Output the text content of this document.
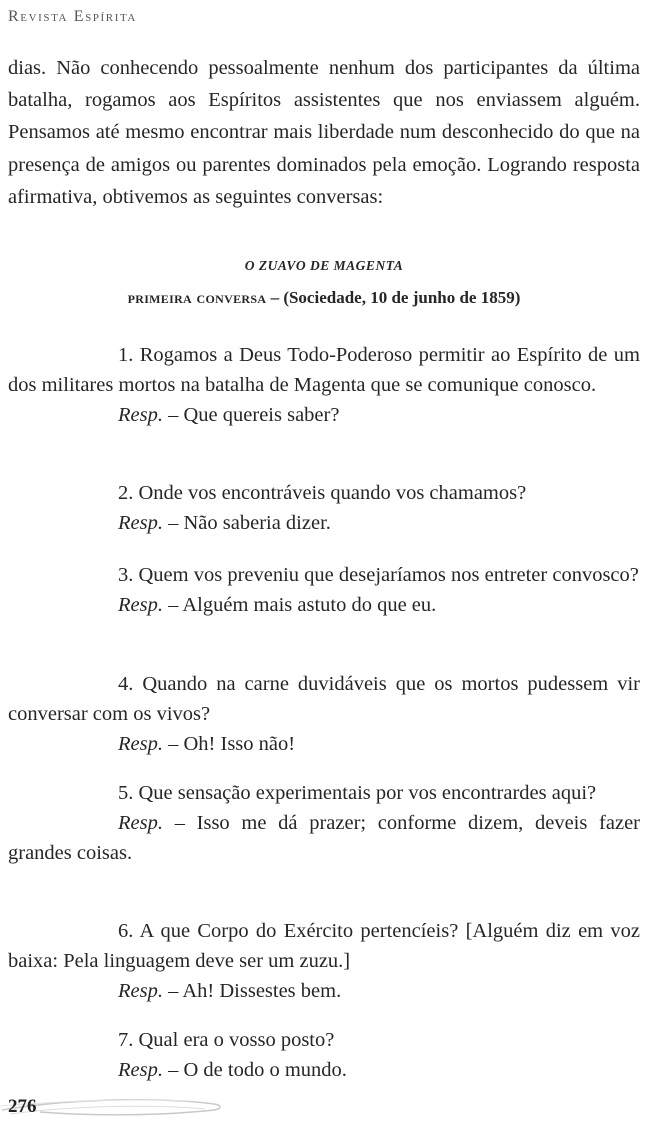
Revista Espírita

dias. Não conhecendo pessoalmente nenhum dos participantes da última batalha, rogamos aos Espíritos assistentes que nos enviassem alguém. Pensamos até mesmo encontrar mais liberdade num desconhecido do que na presença de amigos ou parentes dominados pela emoção. Logrando resposta afirmativa, obtivemos as seguintes conversas:

O ZUAVO DE MAGENTA

primeira conversa – (Sociedade, 10 de junho de 1859)

1. Rogamos a Deus Todo-Poderoso permitir ao Espírito de um dos militares mortos na batalha de Magenta que se comunique conosco.

Resp. – Que quereis saber?

2. Onde vos encontráveis quando vos chamamos?

Resp. – Não saberia dizer.

3. Quem vos preveniu que desejaríamos nos entreter convosco?

Resp. – Alguém mais astuto do que eu.

4. Quando na carne duvidáveis que os mortos pudessem vir conversar com os vivos?

Resp. – Oh! Isso não!

5. Que sensação experimentais por vos encontrardes aqui?

Resp. – Isso me dá prazer; conforme dizem, deveis fazer grandes coisas.

6. A que Corpo do Exército pertencíeis? [Alguém diz em voz baixa: Pela linguagem deve ser um zuzu.]

Resp. – Ah! Dissestes bem.

7. Qual era o vosso posto?

Resp. – O de todo o mundo.

276
